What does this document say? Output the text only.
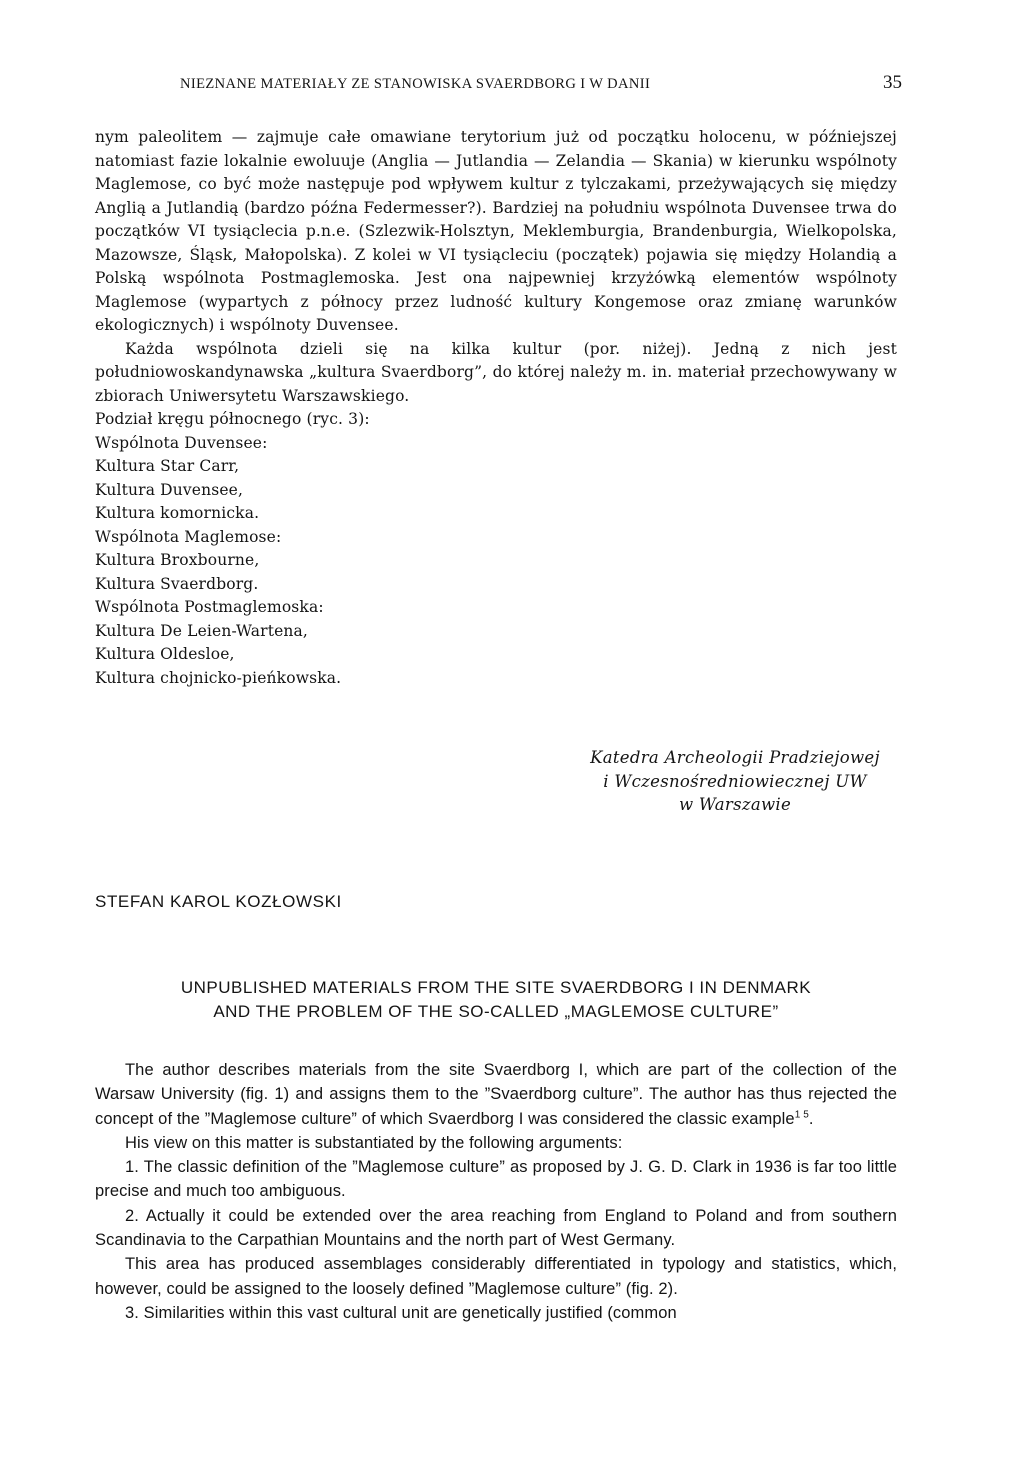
NIEZNANE MATERIAŁY ZE STANOWISKA SVAERDBORG I W DANII	35

nym paleolitem — zajmuje całe omawiane terytorium już od początku holocenu, w późniejszej natomiast fazie lokalnie ewoluuje (Anglia — Jutlandia — Zelandia — Skania) w kierunku wspólnoty Maglemose, co być może następuje pod wpływem kultur z tylczakami, przeżywających się między Anglią a Jutlandią (bardzo późna Federmesser?). Bardziej na południu wspólnota Duvensee trwa do początków VI tysiąclecia p.n.e. (Szlezwik-Holsztyn, Meklemburgia, Brandenburgia, Wielkopolska, Mazowsze, Śląsk, Małopolska). Z kolei w VI tysiącleciu (początek) pojawia się między Holandią a Polską wspólnota Postmaglemoska. Jest ona najpewniej krzyżówką elementów wspólnoty Maglemose (wypartych z północy przez ludność kultury Kongemose oraz zmianę warunków ekologicznych) i wspólnoty Duvensee.

Każda wspólnota dzieli się na kilka kultur (por. niżej). Jedną z nich jest południowoskandynawska „kultura Svaerdborg”, do której należy m. in. materiał przechowywany w zbiorach Uniwersytetu Warszawskiego.

Podział kręgu północnego (ryc. 3):

Wspólnota Duvensee:

Kultura Star Carr,

Kultura Duvensee,

Kultura komornicka.

Wspólnota Maglemose:

Kultura Broxbourne,

Kultura Svaerdborg.

Wspólnota Postmaglemoska:

Kultura De Leien-Wartena,

Kultura Oldesloe,

Kultura chojnicko-pieńkowska.

Katedra Archeologii Pradziejowej
i Wczesnośredniowiecznej UW
w Warszawie
STEFAN KAROL KOZŁOWSKI
UNPUBLISHED MATERIALS FROM THE SITE SVAERDBORG I IN DENMARK
AND THE PROBLEM OF THE SO-CALLED „MAGLEMOSE CULTURE”

The author describes materials from the site Svaerdborg I, which are part of the collection of the Warsaw University (fig. 1) and assigns them to the ”Svaerdborg culture”. The author has thus rejected the concept of the ”Maglemose culture” of which Svaerdborg I was considered the classic example$^{1 5}$.

His view on this matter is substantiated by the following arguments:

1. The classic definition of the ”Maglemose culture” as proposed by J. G. D. Clark in 1936 is far too little precise and much too ambiguous.

2. Actually it could be extended over the area reaching from England to Poland and from southern Scandinavia to the Carpathian Mountains and the north part of West Germany.

This area has produced assemblages considerably differentiated in typology and statistics, which, however, could be assigned to the loosely defined ”Maglemose culture” (fig. 2).

3. Similarities within this vast cultural unit are genetically justified (common
